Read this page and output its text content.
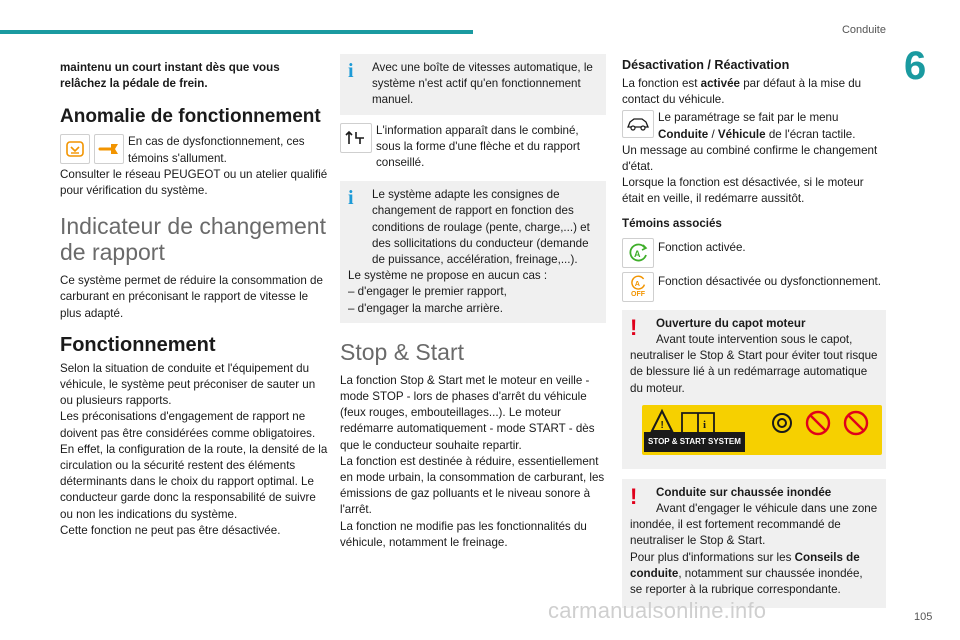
Conduite
6

maintenu un court instant dès que vous relâchez la pédale de frein.

Anomalie de fonctionnement
En cas de dysfonctionnement, ces témoins s'allument.

Consulter le réseau PEUGEOT ou un atelier qualifié pour vérification du système.

Indicateur de changement de rapport

Ce système permet de réduire la consommation de carburant en préconisant le rapport de vitesse le plus adapté.

Fonctionnement

Selon la situation de conduite et l'équipement du véhicule, le système peut préconiser de sauter un ou plusieurs rapports.

Les préconisations d'engagement de rapport ne doivent pas être considérées comme obligatoires. En effet, la configuration de la route, la densité de la circulation ou la sécurité restent des éléments déterminants dans le choix du rapport optimal. Le conducteur garde donc la responsabilité de suivre ou non les indications du système.

Cette fonction ne peut pas être désactivée.

i	Avec une boîte de vitesses automatique, le système n'est actif qu'en fonctionnement manuel.

L'information apparaît dans le combiné, sous la forme d'une flèche et du rapport conseillé.
i	Le système adapte les consignes de changement de rapport en fonction des conditions de roulage (pente, charge,...) et des sollicitations du conducteur (demande de puissance, accélération, freinage,...).

Le système ne propose en aucun cas :

– d'engager le premier rapport,

– d'engager la marche arrière.

Stop & Start

La fonction Stop & Start met le moteur en veille - mode STOP - lors de phases d'arrêt du véhicule (feux rouges, embouteillages...). Le moteur redémarre automatiquement - mode START - dès que le conducteur souhaite repartir.

La fonction est destinée à réduire, essentiellement en mode urbain, la consommation de carburant, les émissions de gaz polluants et le niveau sonore à l'arrêt.

La fonction ne modifie pas les fonctionnalités du véhicule, notamment le freinage.

Désactivation / Réactivation

La fonction est activée par défaut à la mise du contact du véhicule.

Le paramétrage se fait par le menu Conduite / Véhicule de l'écran tactile.

Un message au combiné confirme le changement d'état.

Lorsque la fonction est désactivée, si le moteur était en veille, il redémarre aussitôt.

Témoins associés
A Fonction activée.
A
OFF
Fonction désactivée ou dysfonctionnement.
!	Ouverture du capot moteur

Avant toute intervention sous le capot, neutraliser le Stop & Start pour éviter tout risque de blessure lié à un redémarrage automatique du moteur.

!	i
STOP & START SYSTEM
!	Conduite sur chaussée inondée

Avant d'engager le véhicule dans une zone inondée, il est fortement recommandé de neutraliser le Stop & Start.

Pour plus d'informations sur les Conseils de conduite, notamment sur chaussée inondée, se reporter à la rubrique correspondante.

carmanualsonline.info	105
